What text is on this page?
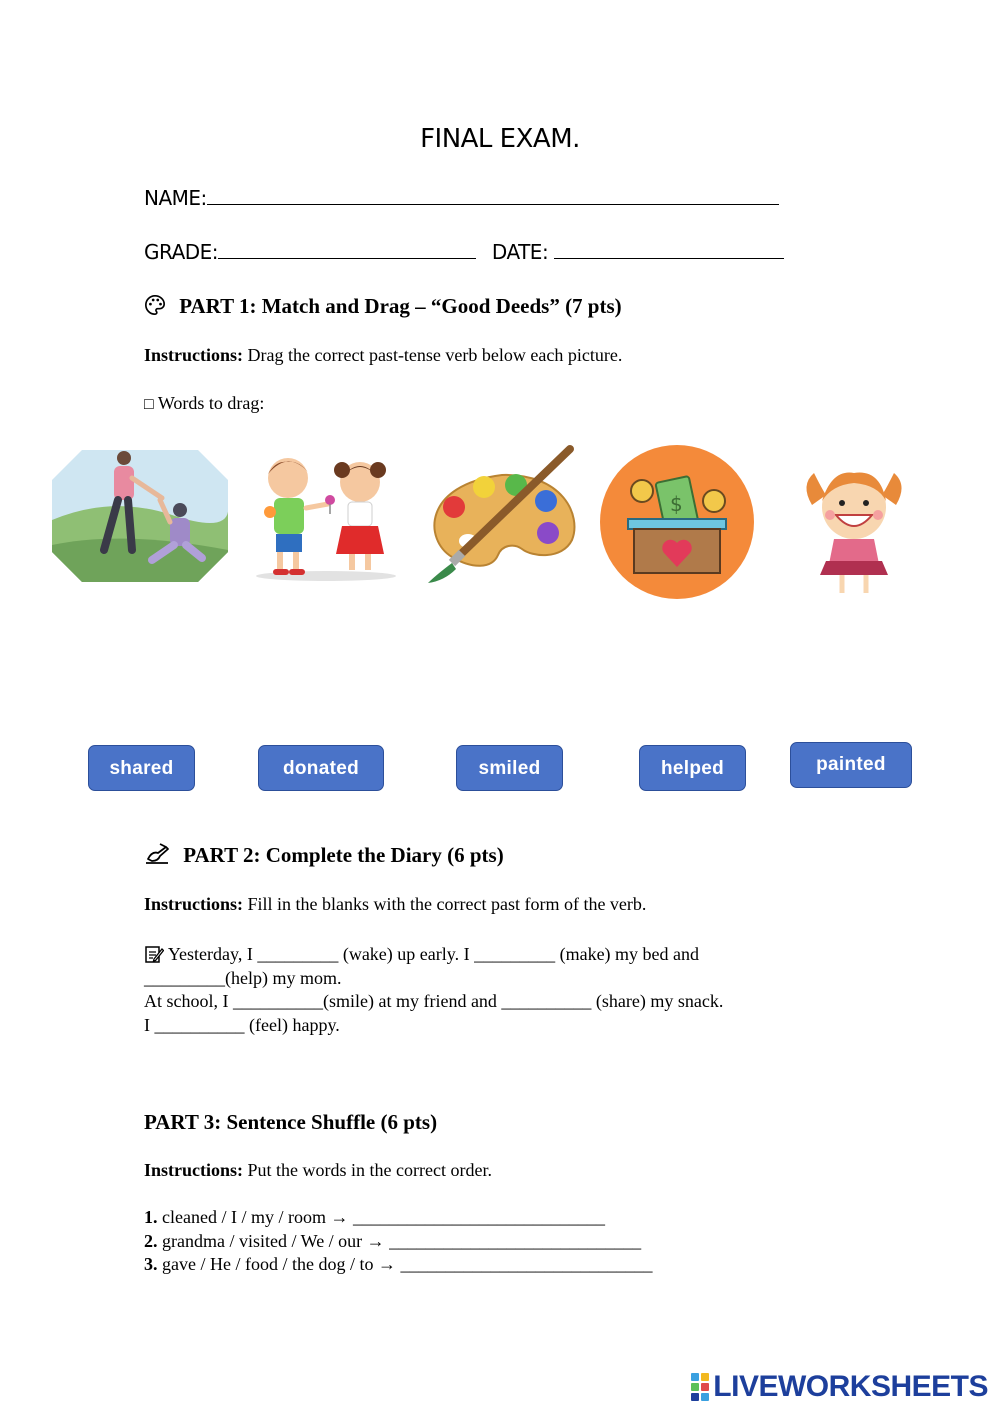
FINAL EXAM.
NAME:
GRADE:	DATE:
PART 1: Match and Drag – “Good Deeds” (7 pts)
Instructions: Drag the correct past-tense verb below each picture.
□ Words to drag:
$
shared	donated	smiled	helped	painted
PART 2: Complete the Diary (6 pts)
Instructions: Fill in the blanks with the correct past form of the verb.
Yesterday, I _________ (wake) up early. I _________ (make) my bed and
_________(help) my mom.
At school, I __________(smile) at my friend and __________ (share) my snack.
I __________ (feel) happy.
PART 3: Sentence Shuffle (6 pts)
Instructions: Put the words in the correct order.
1. cleaned / I / my / room → ____________________________
2. grandma / visited / We / our → ____________________________
3. gave / He / food / the dog / to → ____________________________
LIVEWORKSHEETS
